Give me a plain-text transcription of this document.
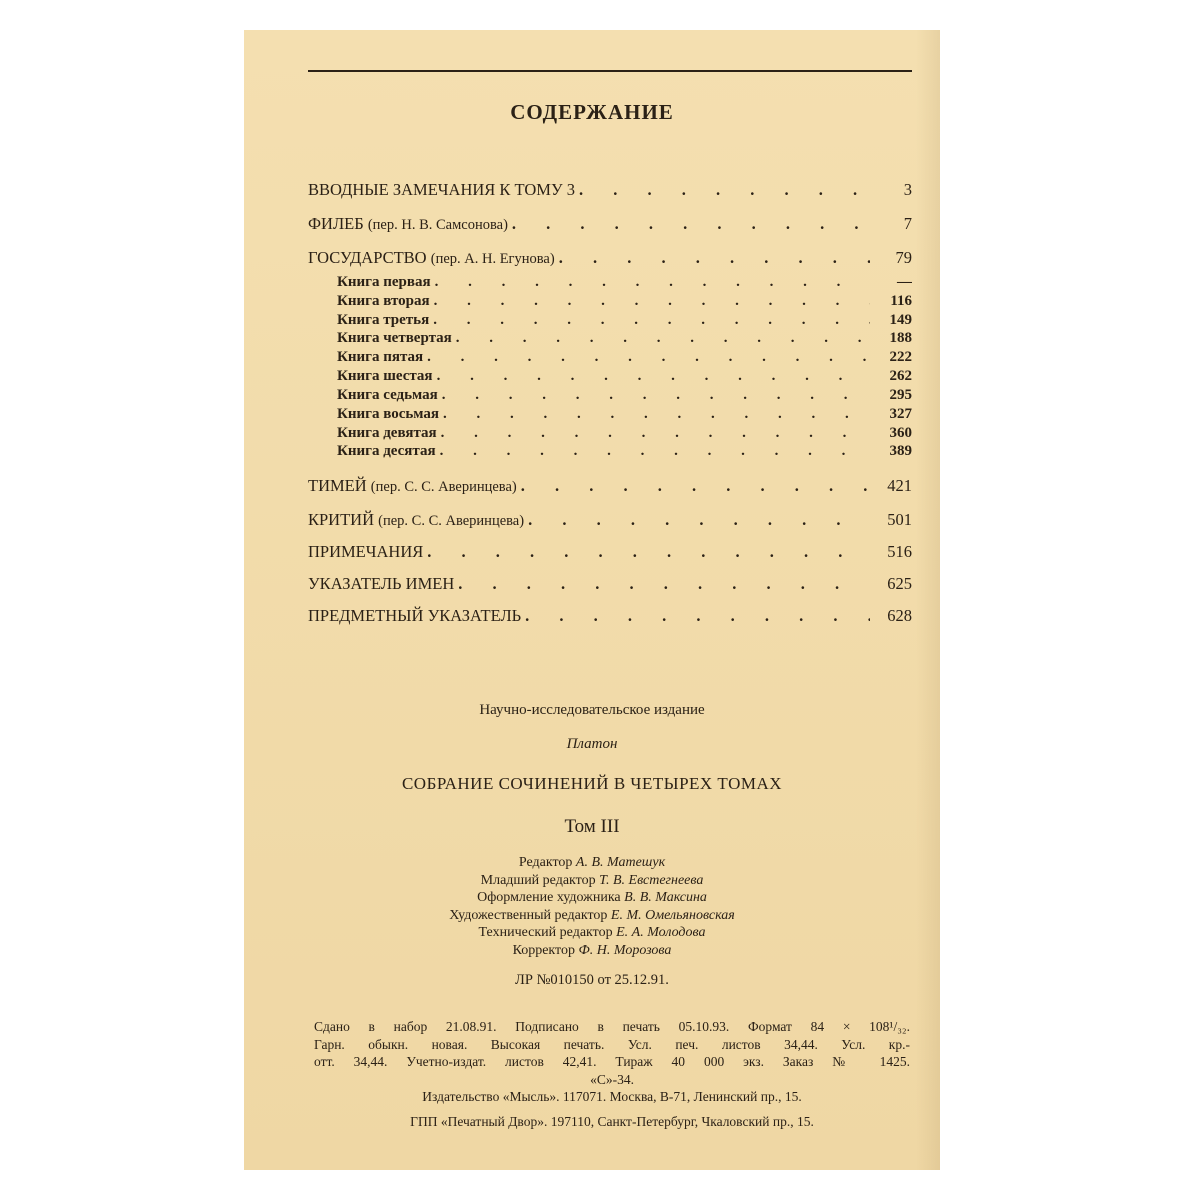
СОДЕРЖАНИЕ
ВВОДНЫЕ ЗАМЕЧАНИЯ К ТОМУ 3 . . .	3
ФИЛЕБ (пер. Н. В. Самсонова) . . .	7
ГОСУДАРСТВО (пер. А. Н. Егунова) . . .	79
Книга первая . . .	—
Книга вторая . . .	116
Книга третья . . .	149
Книга четвертая . . .	188
Книга пятая . . .	222
Книга шестая . . .	262
Книга седьмая . . .	295
Книга восьмая . . .	327
Книга девятая . . .	360
Книга десятая . . .	389
ТИМЕЙ (пер. С. С. Аверинцева) . . .	421
КРИТИЙ (пер. С. С. Аверинцева) . . .	501
ПРИМЕЧАНИЯ . . .	516
УКАЗАТЕЛЬ ИМЕН . . .	625
ПРЕДМЕТНЫЙ УКАЗАТЕЛЬ . . .	628
Научно-исследовательское издание
Платон
СОБРАНИЕ СОЧИНЕНИЙ В ЧЕТЫРЕХ ТОМАХ
Том III
Редактор А. В. Матешук
Младший редактор Т. В. Евстегнеева
Оформление художника В. В. Максина
Художественный редактор Е. М. Омельяновская
Технический редактор Е. А. Молодова
Корректор Ф. Н. Морозова
ЛР №010150 от 25.12.91.
Сдано в набор 21.08.91. Подписано в печать 05.10.93. Формат 84 × 108¹/₃₂.
Гарн. обыкн. новая. Высокая печать. Усл. печ. листов 34,44. Усл. кр.-
отт. 34,44. Учетно-издат. листов 42,41. Тираж 40 000 экз. Заказ № 1425.
«С»-34.
Издательство «Мысль». 117071. Москва, В-71, Ленинский пр., 15.
ГПП «Печатный Двор». 197110, Санкт-Петербург, Чкаловский пр., 15.
